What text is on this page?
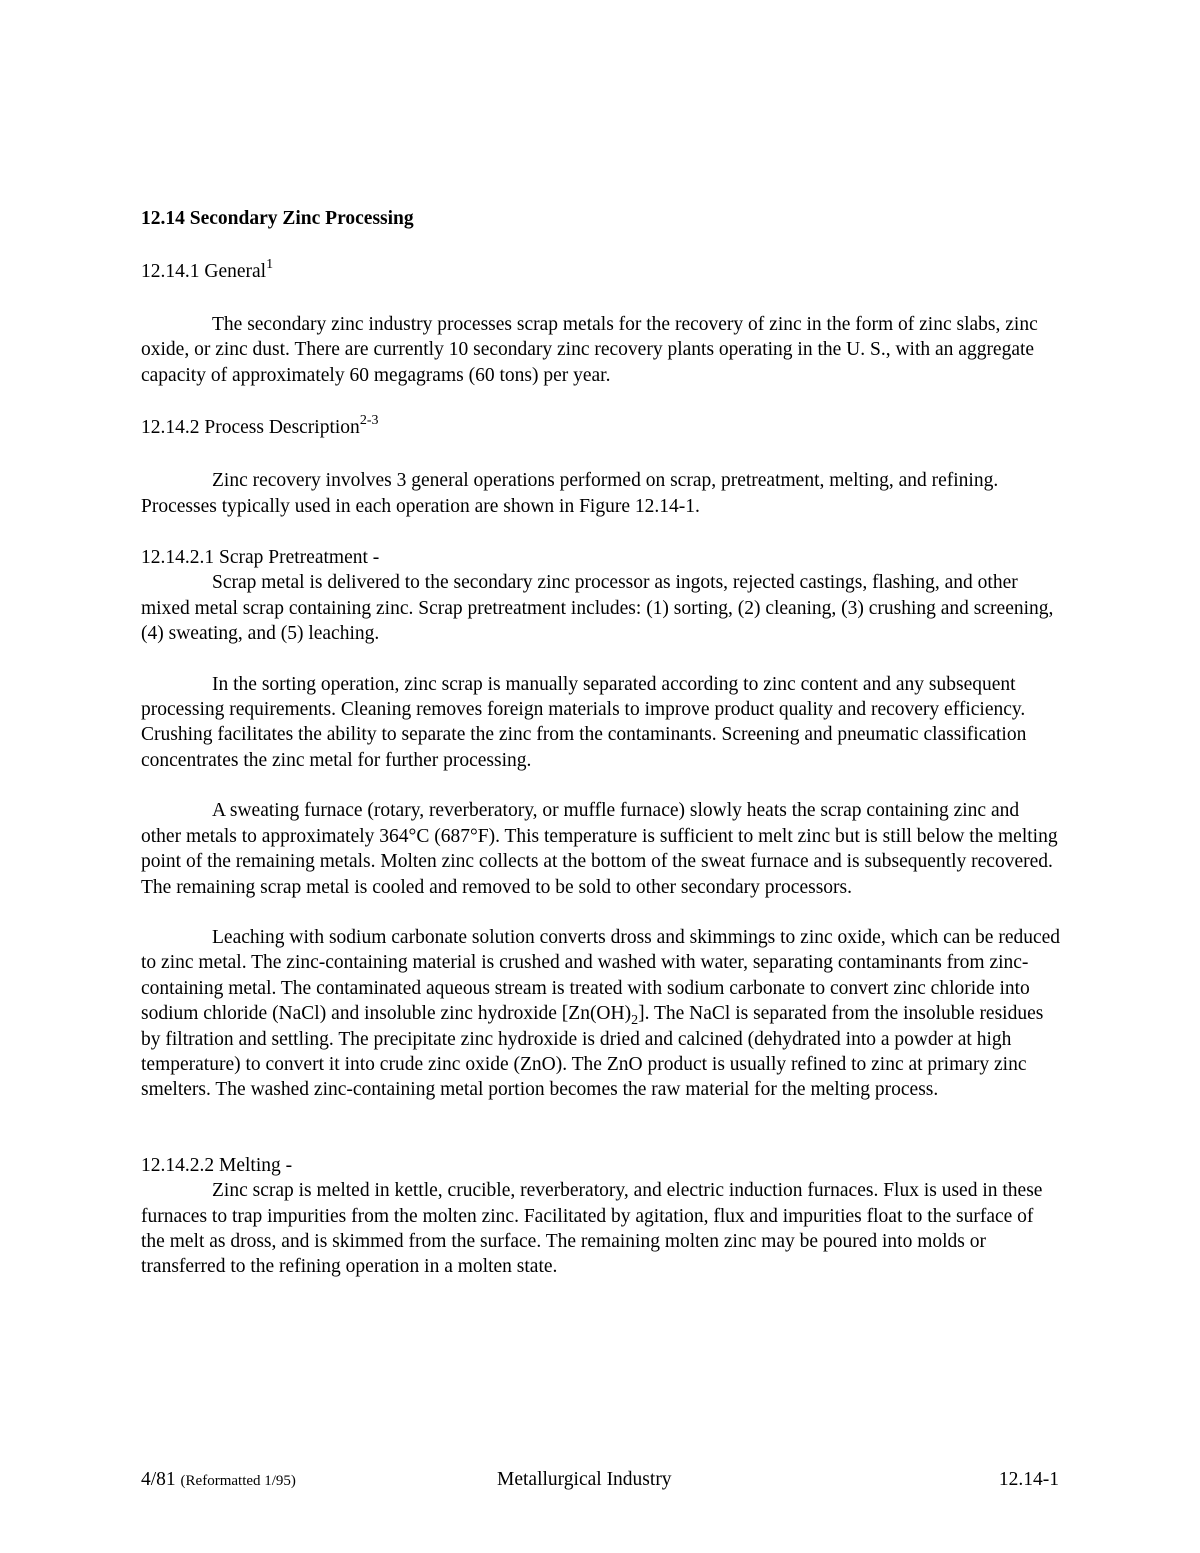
12.14 Secondary Zinc Processing

12.14.1 General$^1$

The secondary zinc industry processes scrap metals for the recovery of zinc in the form of zinc slabs, zinc oxide, or zinc dust. There are currently 10 secondary zinc recovery plants operating in the U. S., with an aggregate capacity of approximately 60 megagrams (60 tons) per year.

12.14.2 Process Description$^{2-3}$

Zinc recovery involves 3 general operations performed on scrap, pretreatment, melting, and refining. Processes typically used in each operation are shown in Figure 12.14-1.

12.14.2.1 Scrap Pretreatment -

Scrap metal is delivered to the secondary zinc processor as ingots, rejected castings, flashing, and other mixed metal scrap containing zinc. Scrap pretreatment includes: (1) sorting, (2) cleaning, (3) crushing and screening, (4) sweating, and (5) leaching.

In the sorting operation, zinc scrap is manually separated according to zinc content and any subsequent processing requirements. Cleaning removes foreign materials to improve product quality and recovery efficiency. Crushing facilitates the ability to separate the zinc from the contaminants. Screening and pneumatic classification concentrates the zinc metal for further processing.

A sweating furnace (rotary, reverberatory, or muffle furnace) slowly heats the scrap containing zinc and other metals to approximately 364°C (687°F). This temperature is sufficient to melt zinc but is still below the melting point of the remaining metals. Molten zinc collects at the bottom of the sweat furnace and is subsequently recovered. The remaining scrap metal is cooled and removed to be sold to other secondary processors.

Leaching with sodium carbonate solution converts dross and skimmings to zinc oxide, which can be reduced to zinc metal. The zinc-containing material is crushed and washed with water, separating contaminants from zinc-containing metal. The contaminated aqueous stream is treated with sodium carbonate to convert zinc chloride into sodium chloride (NaCl) and insoluble zinc hydroxide $[Zn(OH)_2]$. The NaCl is separated from the insoluble residues by filtration and settling. The precipitate zinc hydroxide is dried and calcined (dehydrated into a powder at high temperature) to convert it into crude zinc oxide (ZnO). The ZnO product is usually refined to zinc at primary zinc smelters. The washed zinc-containing metal portion becomes the raw material for the melting process.

12.14.2.2 Melting -

Zinc scrap is melted in kettle, crucible, reverberatory, and electric induction furnaces. Flux is used in these furnaces to trap impurities from the molten zinc. Facilitated by agitation, flux and impurities float to the surface of the melt as dross, and is skimmed from the surface. The remaining molten zinc may be poured into molds or transferred to the refining operation in a molten state.

4/81 (Reformatted 1/95)	Metallurgical Industry	12.14-1
